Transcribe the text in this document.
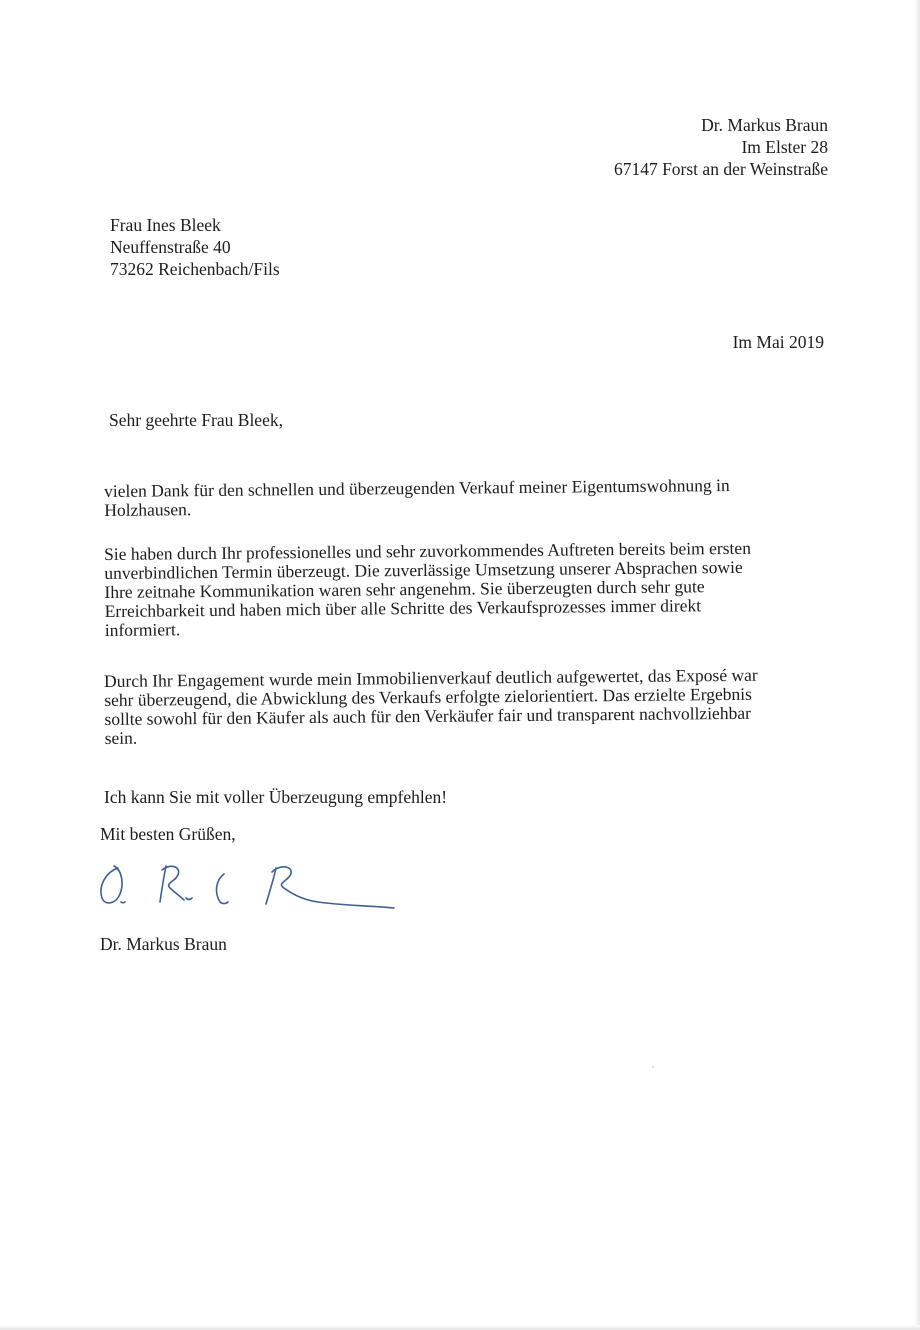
Dr. Markus Braun
Im Elster 28
67147 Forst an der Weinstraße
Frau Ines Bleek
Neuffenstraße 40
73262 Reichenbach/Fils
Im Mai 2019
Sehr geehrte Frau Bleek,
vielen Dank für den schnellen und überzeugenden Verkauf meiner Eigentumswohnung in
Holzhausen.
Sie haben durch Ihr professionelles und sehr zuvorkommendes Auftreten bereits beim ersten
unverbindlichen Termin überzeugt. Die zuverlässige Umsetzung unserer Absprachen sowie
Ihre zeitnahe Kommunikation waren sehr angenehm. Sie überzeugten durch sehr gute
Erreichbarkeit und haben mich über alle Schritte des Verkaufsprozesses immer direkt
informiert.
Durch Ihr Engagement wurde mein Immobilienverkauf deutlich aufgewertet, das Exposé war
sehr überzeugend, die Abwicklung des Verkaufs erfolgte zielorientiert. Das erzielte Ergebnis
sollte sowohl für den Käufer als auch für den Verkäufer fair und transparent nachvollziehbar
sein.
Ich kann Sie mit voller Überzeugung empfehlen!
Mit besten Grüßen,
Dr. Markus Braun
